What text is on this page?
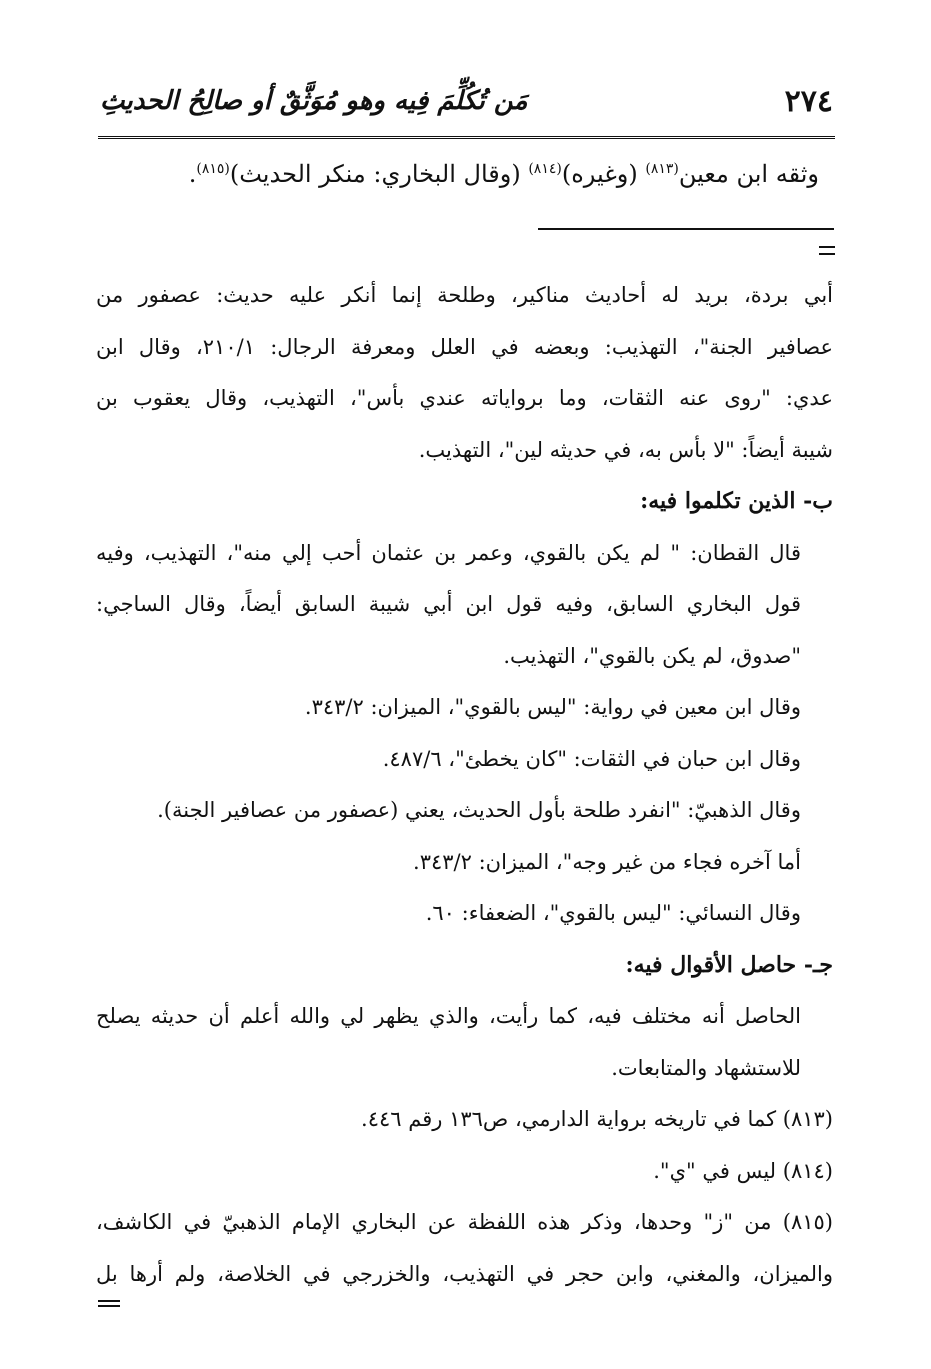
٢٧٤
مَن تُكُلِّمَ فِيه وهو مُوَثَّقٌ أو صالِحُ الحديثِ
وثقه ابن معين$^{(٨١٣)}$ (وغيره)$^{(٨١٤)}$ (وقال البخاري: منكر الحديث)$^{(٨١٥)}$.
أبي بردة، بريد له أحاديث مناكير، وطلحة إنما أنكر عليه حديث: عصفور من
عصافير الجنة"، التهذيب: وبعضه في العلل ومعرفة الرجال: ٢١٠/١، وقال ابن
عدي: "روى عنه الثقات، وما برواياته عندي بأس"، التهذيب، وقال يعقوب بن
شيبة أيضاً: "لا بأس به، في حديثه لين"، التهذيب.
ب- الذين تكلموا فيه:
قال القطان: " لم يكن بالقوي، وعمر بن عثمان أحب إلي منه"، التهذيب، وفيه
قول البخاري السابق، وفيه قول ابن أبي شيبة السابق أيضاً، وقال الساجي:
"صدوق، لم يكن بالقوي"، التهذيب.
وقال ابن معين في رواية: "ليس بالقوي"، الميزان: ٣٤٣/٢.
وقال ابن حبان في الثقات: "كان يخطئ"، ٤٨٧/٦.
وقال الذهبيّ: "انفرد طلحة بأول الحديث، يعني (عصفور من عصافير الجنة).
أما آخره فجاء من غير وجه"، الميزان: ٣٤٣/٢.
وقال النسائي: "ليس بالقوي"، الضعفاء: ٦٠.
جـ- حاصل الأقوال فيه:
الحاصل أنه مختلف فيه، كما رأيت، والذي يظهر لي والله أعلم أن حديثه يصلح
للاستشهاد والمتابعات.
(٨١٣) كما في تاريخه برواية الدارمي، ص١٣٦ رقم ٤٤٦.
(٨١٤) ليس في "ي".
(٨١٥) من "ز" وحدها، وذكر هذه اللفظة عن البخاري الإمام الذهبيّ في الكاشف،
والميزان، والمغني، وابن حجر في التهذيب، والخزرجي في الخلاصة، ولم أرها بل
